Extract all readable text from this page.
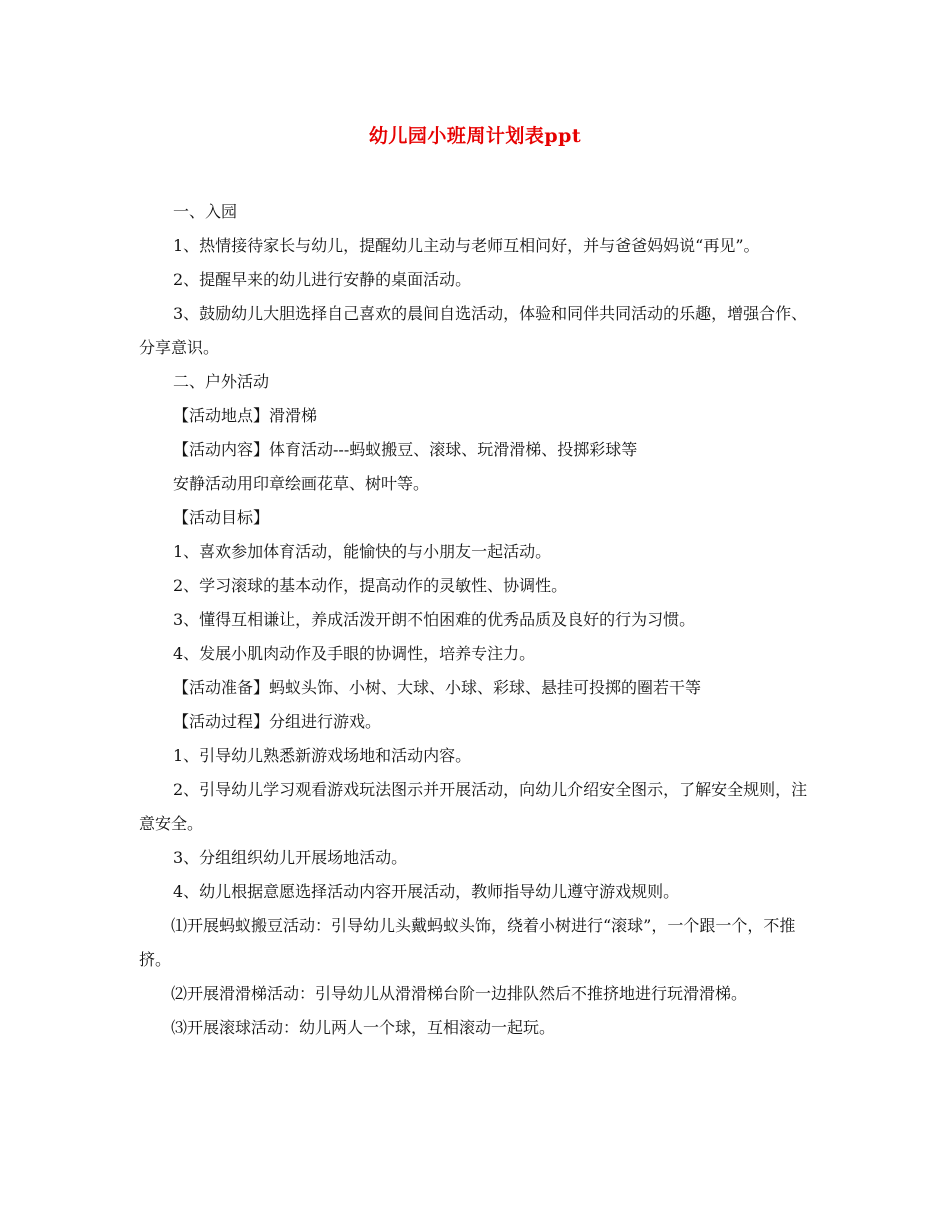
幼儿园小班周计划表ppt

一、入园

1、热情接待家长与幼儿，提醒幼儿主动与老师互相问好，并与爸爸妈妈说“再见”。

2、提醒早来的幼儿进行安静的桌面活动。

3、鼓励幼儿大胆选择自己喜欢的晨间自选活动，体验和同伴共同活动的乐趣，增强合作、分享意识。

二、户外活动

【活动地点】滑滑梯

【活动内容】体育活动---蚂蚁搬豆、滚球、玩滑滑梯、投掷彩球等

安静活动用印章绘画花草、树叶等。

【活动目标】

1、喜欢参加体育活动，能愉快的与小朋友一起活动。

2、学习滚球的基本动作，提高动作的灵敏性、协调性。

3、懂得互相谦让，养成活泼开朗不怕困难的优秀品质及良好的行为习惯。

4、发展小肌肉动作及手眼的协调性，培养专注力。

【活动准备】蚂蚁头饰、小树、大球、小球、彩球、悬挂可投掷的圈若干等

【活动过程】分组进行游戏。

1、引导幼儿熟悉新游戏场地和活动内容。

2、引导幼儿学习观看游戏玩法图示并开展活动，向幼儿介绍安全图示，了解安全规则，注意安全。

3、分组组织幼儿开展场地活动。

4、幼儿根据意愿选择活动内容开展活动，教师指导幼儿遵守游戏规则。

⑴开展蚂蚁搬豆活动：引导幼儿头戴蚂蚁头饰，绕着小树进行“滚球”，一个跟一个，不推挤。

⑵开展滑滑梯活动：引导幼儿从滑滑梯台阶一边排队然后不推挤地进行玩滑滑梯。

⑶开展滚球活动：幼儿两人一个球，互相滚动一起玩。
